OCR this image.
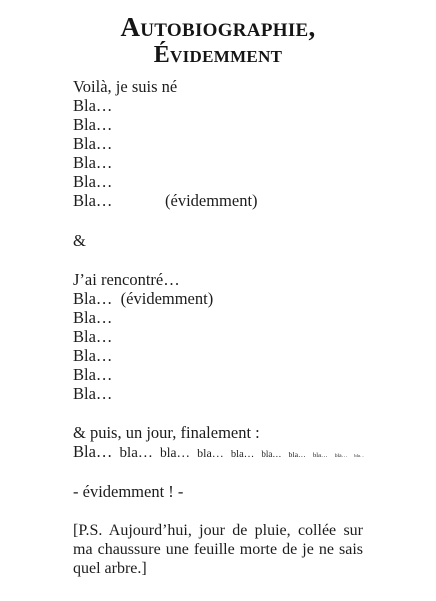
Autobiographie,
Évidemment
Voilà, je suis né
Bla…
Bla…
Bla…
Bla…
Bla…
Bla…	(évidemment)
&
J’ai rencontré…
Bla…  (évidemment)
Bla…
Bla…
Bla…
Bla…
Bla…
& puis, un jour, finalement :
Bla… bla… bla… bla… bla… bla… bla… bla… bla… bla…
- évidemment ! -
[P.S. Aujourd’hui, jour de pluie, collée sur ma chaussure une feuille morte de je ne sais quel arbre.]
